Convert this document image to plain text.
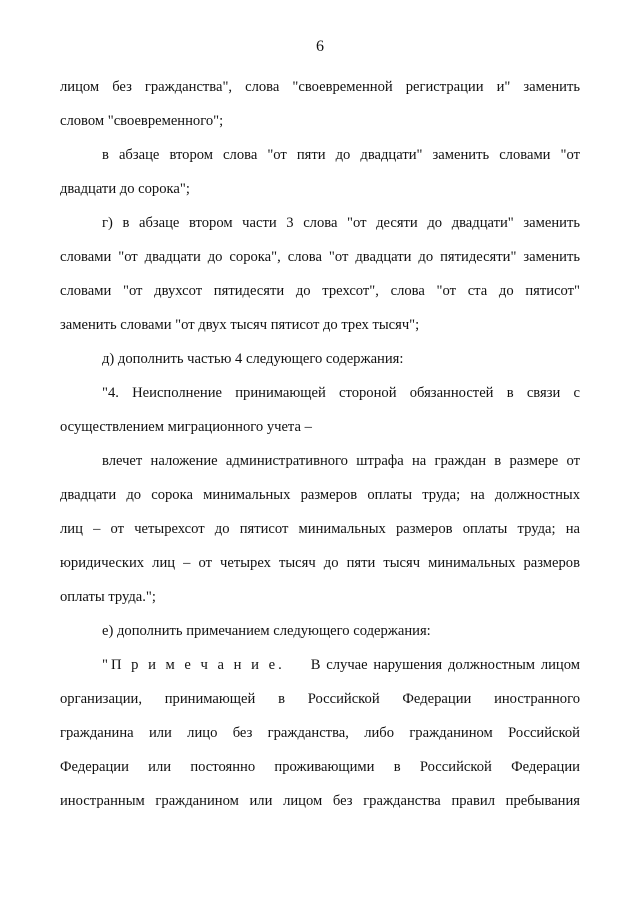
6
лицом без гражданства", слова "своевременной регистрации и" заменить
словом "своевременного";
в абзаце втором слова "от пяти до двадцати" заменить словами "от
двадцати до сорока";
г) в абзаце втором части 3 слова "от десяти до двадцати" заменить
словами "от двадцати до сорока", слова "от двадцати до пятидесяти" заменить
словами "от двухсот пятидесяти до трехсот", слова "от ста до пятисот"
заменить словами "от двух тысяч пятисот до трех тысяч";
д) дополнить частью 4 следующего содержания:
"4. Неисполнение принимающей стороной обязанностей в связи с
осуществлением миграционного учета –
влечет наложение административного штрафа на граждан в размере от
двадцати до сорока минимальных размеров оплаты труда; на должностных
лиц – от четырехсот до пятисот минимальных размеров оплаты труда; на
юридических лиц – от четырех тысяч до пяти тысяч минимальных размеров
оплаты труда.";
е) дополнить примечанием следующего содержания:
"П р и м е ч а н и е.	В случае нарушения должностным лицом
организации, принимающей в Российской Федерации иностранного
гражданина или лицо без гражданства, либо гражданином Российской
Федерации или постоянно проживающими в Российской Федерации
иностранным гражданином или лицом без гражданства правил пребывания
